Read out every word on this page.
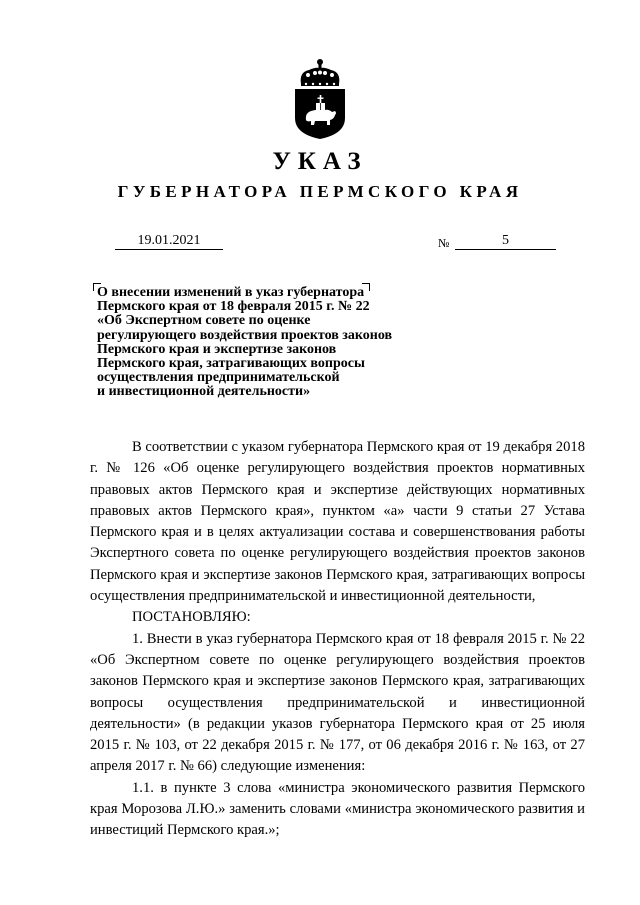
УКАЗ
ГУБЕРНАТОРА ПЕРМСКОГО КРАЯ
19.01.2021	№	5
О внесении изменений в указ губернатора
Пермского края от 18 февраля 2015 г. № 22
«Об Экспертном совете по оценке
регулирующего воздействия проектов законов
Пермского края и экспертизе законов
Пермского края, затрагивающих вопросы
осуществления предпринимательской
и инвестиционной деятельности»

В соответствии с указом губернатора Пермского края от 19 декабря 2018 г. № 126 «Об оценке регулирующего воздействия проектов нормативных правовых актов Пермского края и экспертизе действующих нормативных правовых актов Пермского края», пунктом «а» части 9 статьи 27 Устава Пермского края и в целях актуализации состава и совершенствования работы Экспертного совета по оценке регулирующего воздействия проектов законов Пермского края и экспертизе законов Пермского края, затрагивающих вопросы осуществления предпринимательской и инвестиционной деятельности,

ПОСТАНОВЛЯЮ:

1. Внести в указ губернатора Пермского края от 18 февраля 2015 г. № 22 «Об Экспертном совете по оценке регулирующего воздействия проектов законов Пермского края и экспертизе законов Пермского края, затрагивающих вопросы осуществления предпринимательской и инвестиционной деятельности» (в редакции указов губернатора Пермского края от 25 июля 2015 г. № 103, от 22 декабря 2015 г. № 177, от 06 декабря 2016 г. № 163, от 27 апреля 2017 г. № 66) следующие изменения:

1.1. в пункте 3 слова «министра экономического развития Пермского края Морозова Л.Ю.» заменить словами «министра экономического развития и инвестиций Пермского края.»;
